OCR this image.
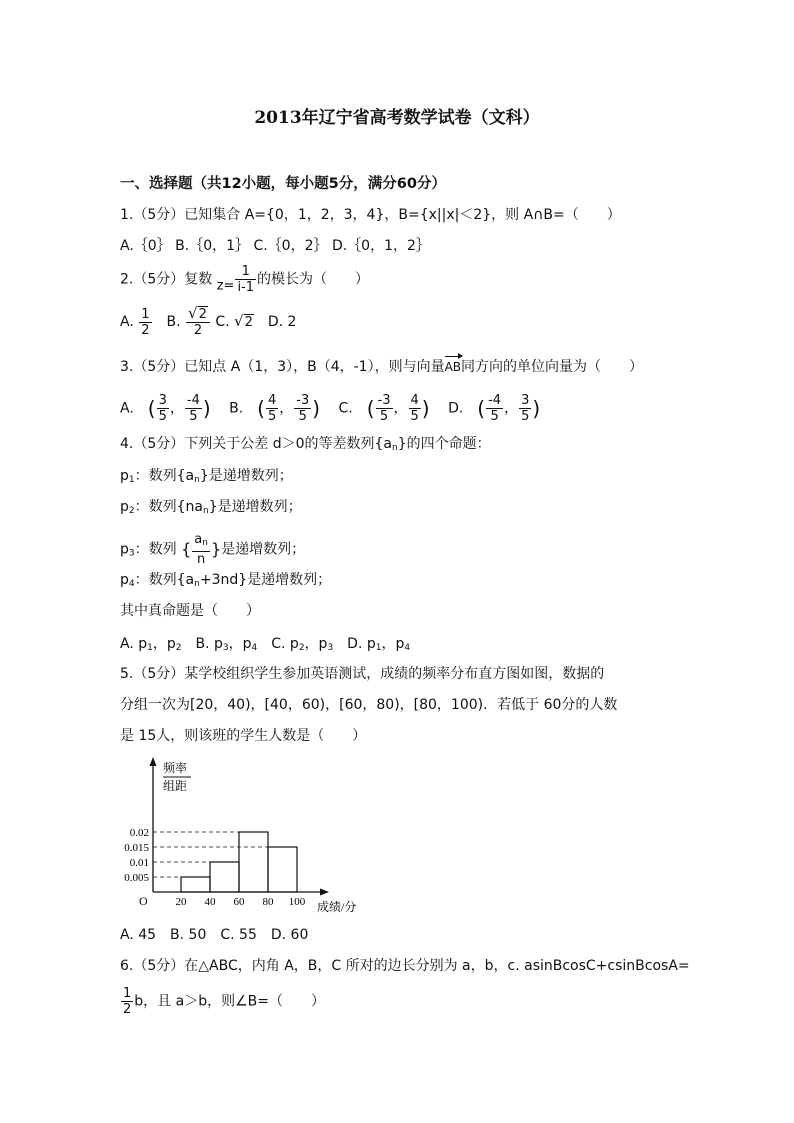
2013年辽宁省高考数学试卷（文科）
一、选择题（共12小题，每小题5分，满分60分）
1.（5分）已知集合 A={0，1，2，3，4}，B={x||x|＜2}，则 A∩B=（　　）
A.｛0｝ B.｛0，1｝ C.｛0，2｝ D.｛0，1，2｝
2.（5分）复数 $z= \frac{1}{i-1}$ 的模长为（　　）
A. $\frac{1}{2}$ 　B. $\frac{√2}{2} C$. √2　D. 2
3.（5分）已知点 A（1，3），B（4，-1），则与向量AB同方向的单位向量为（　　）
A.　 ( $\frac{3}{5}$ ， $\frac{-4}{5}$ )　 B.　 ( $\frac{4}{5}$ ， $\frac{-3}{5}$ )　 C.　 ( $\frac{-3}{5}$ ， $\frac{4}{5}$ )　 D.　 ( $\frac{-4}{5}$ ， $\frac{3}{5}$ )
4.（5分）下列关于公差 d＞0的等差数列$\{a_n\}$的四个命题：
$p_1$：数列$\{a_n\}$是递增数列；
$p_2$：数列$\{na_n\}$是递增数列；
$p_3$：数列 { $\frac{a_n}{n}$ }是递增数列；
$p_4$：数列$\{a_n+3nd\}$是递增数列；
其中真命题是（　　）
A. $p_1$，$p_2$　B. $p_3$，$p_4$　C. $p_2$，$p_3$　D. $p_1$，$p_4$
5.（5分）某学校组织学生参加英语测试，成绩的频率分布直方图如图，数据的
分组一次为[20，40)，[40，60)，[60，80)，[80，100)．若低于 60分的人数
是 15人，则该班的学生人数是（　　）
频率
组距
O	成绩/分
0.005
0.01
0.015
0.02
20 40 60 80 100
A. 45　B. 50　C. 55　D. 60
6.（5分）在△ABC，内角 A，B，C 所对的边长分别为 a，b，c. asinBcosC+csinBcosA=
$\frac{1}{2}$ b，且 a＞b，则∠B=（　　）
